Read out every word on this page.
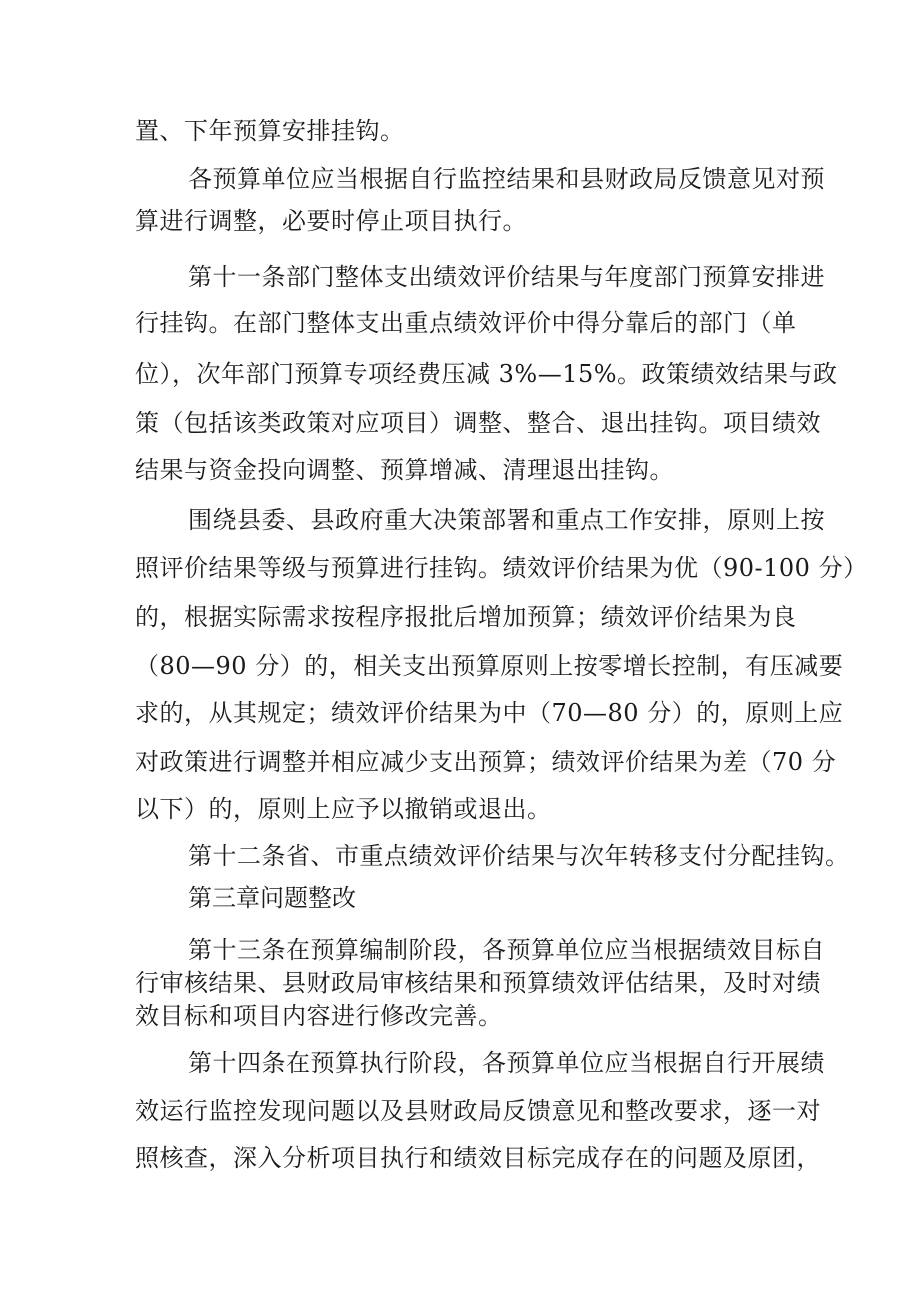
置、下年预算安排挂钩。
各预算单位应当根据自行监控结果和县财政局反馈意见对预
算进行调整，必要时停止项目执行。
第十一条部门整体支出绩效评价结果与年度部门预算安排进
行挂钩。在部门整体支出重点绩效评价中得分靠后的部门（单
位），次年部门预算专项经费压减 3%—15%。政策绩效结果与政
策（包括该类政策对应项目）调整、整合、退出挂钩。项目绩效
结果与资金投向调整、预算增减、清理退出挂钩。
围绕县委、县政府重大决策部署和重点工作安排，原则上按
照评价结果等级与预算进行挂钩。绩效评价结果为优（90-100 分）
的，根据实际需求按程序报批后增加预算；绩效评价结果为良
（80—90 分）的，相关支出预算原则上按零增长控制，有压减要
求的，从其规定；绩效评价结果为中（70—80 分）的，原则上应
对政策进行调整并相应减少支出预算；绩效评价结果为差（70 分
以下）的，原则上应予以撤销或退出。
第十二条省、市重点绩效评价结果与次年转移支付分配挂钩。
第三章问题整改
第十三条在预算编制阶段，各预算单位应当根据绩效目标自
行审核结果、县财政局审核结果和预算绩效评估结果，及时对绩
效目标和项目内容进行修改完善。
第十四条在预算执行阶段，各预算单位应当根据自行开展绩
效运行监控发现问题以及县财政局反馈意见和整改要求，逐一对
照核查，深入分析项目执行和绩效目标完成存在的问题及原团，
